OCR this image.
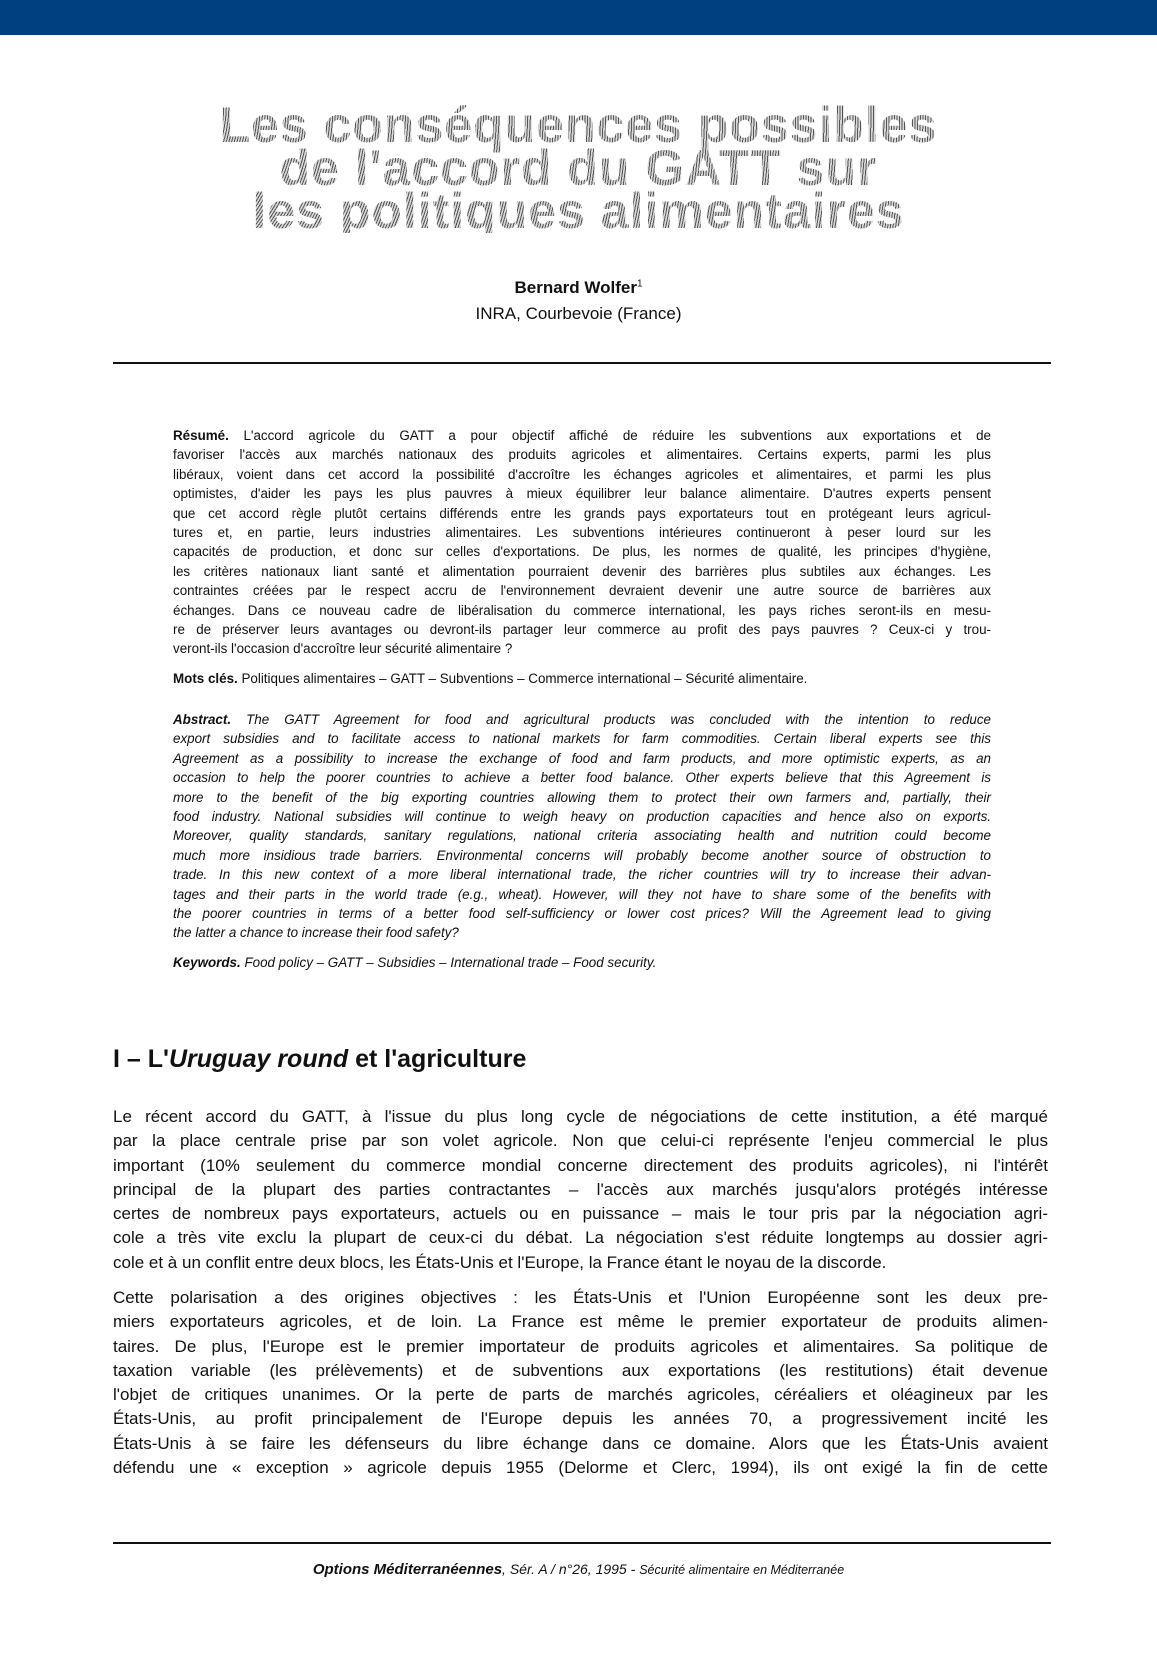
Les conséquences possibles
de l'accord du GATT sur
les politiques alimentaires
Bernard Wolfer$^1$
INRA, Courbevoie (France)
Résumé. L'accord agricole du GATT a pour objectif affiché de réduire les subventions aux exportations et de
favoriser l'accès aux marchés nationaux des produits agricoles et alimentaires. Certains experts, parmi les plus
libéraux, voient dans cet accord la possibilité d'accroître les échanges agricoles et alimentaires, et parmi les plus
optimistes, d'aider les pays les plus pauvres à mieux équilibrer leur balance alimentaire. D'autres experts pensent
que cet accord règle plutôt certains différends entre les grands pays exportateurs tout en protégeant leurs agricul-
tures et, en partie, leurs industries alimentaires. Les subventions intérieures continueront à peser lourd sur les
capacités de production, et donc sur celles d'exportations. De plus, les normes de qualité, les principes d'hygiène,
les critères nationaux liant santé et alimentation pourraient devenir des barrières plus subtiles aux échanges. Les
contraintes créées par le respect accru de l'environnement devraient devenir une autre source de barrières aux
échanges. Dans ce nouveau cadre de libéralisation du commerce international, les pays riches seront-ils en mesu-
re de préserver leurs avantages ou devront-ils partager leur commerce au profit des pays pauvres ? Ceux-ci y trou-
veront-ils l'occasion d'accroître leur sécurité alimentaire ?
Mots clés. Politiques alimentaires – GATT – Subventions – Commerce international – Sécurité alimentaire.
Abstract. The GATT Agreement for food and agricultural products was concluded with the intention to reduce
export subsidies and to facilitate access to national markets for farm commodities. Certain liberal experts see this
Agreement as a possibility to increase the exchange of food and farm products, and more optimistic experts, as an
occasion to help the poorer countries to achieve a better food balance. Other experts believe that this Agreement is
more to the benefit of the big exporting countries allowing them to protect their own farmers and, partially, their
food industry. National subsidies will continue to weigh heavy on production capacities and hence also on exports.
Moreover, quality standards, sanitary regulations, national criteria associating health and nutrition could become
much more insidious trade barriers. Environmental concerns will probably become another source of obstruction to
trade. In this new context of a more liberal international trade, the richer countries will try to increase their advan-
tages and their parts in the world trade (e.g., wheat). However, will they not have to share some of the benefits with
the poorer countries in terms of a better food self-sufficiency or lower cost prices? Will the Agreement lead to giving
the latter a chance to increase their food safety?
Keywords. Food policy – GATT – Subsidies – International trade – Food security.
I – L'Uruguay round et l'agriculture
Le récent accord du GATT, à l'issue du plus long cycle de négociations de cette institution, a été marqué
par la place centrale prise par son volet agricole. Non que celui-ci représente l'enjeu commercial le plus
important (10% seulement du commerce mondial concerne directement des produits agricoles), ni l'intérêt
principal de la plupart des parties contractantes – l'accès aux marchés jusqu'alors protégés intéresse
certes de nombreux pays exportateurs, actuels ou en puissance – mais le tour pris par la négociation agri-
cole a très vite exclu la plupart de ceux-ci du débat. La négociation s'est réduite longtemps au dossier agri-
cole et à un conflit entre deux blocs, les États-Unis et l'Europe, la France étant le noyau de la discorde.
Cette polarisation a des origines objectives : les États-Unis et l'Union Européenne sont les deux pre-
miers exportateurs agricoles, et de loin. La France est même le premier exportateur de produits alimen-
taires. De plus, l'Europe est le premier importateur de produits agricoles et alimentaires. Sa politique de
taxation variable (les prélèvements) et de subventions aux exportations (les restitutions) était devenue
l'objet de critiques unanimes. Or la perte de parts de marchés agricoles, céréaliers et oléagineux par les
États-Unis, au profit principalement de l'Europe depuis les années 70, a progressivement incité les
États-Unis à se faire les défenseurs du libre échange dans ce domaine. Alors que les États-Unis avaient
défendu une « exception » agricole depuis 1955 (Delorme et Clerc, 1994), ils ont exigé la fin de cette
Options Méditerranéennes, Sér. A / n°26, 1995 - Sécurité alimentaire en Méditerranée
